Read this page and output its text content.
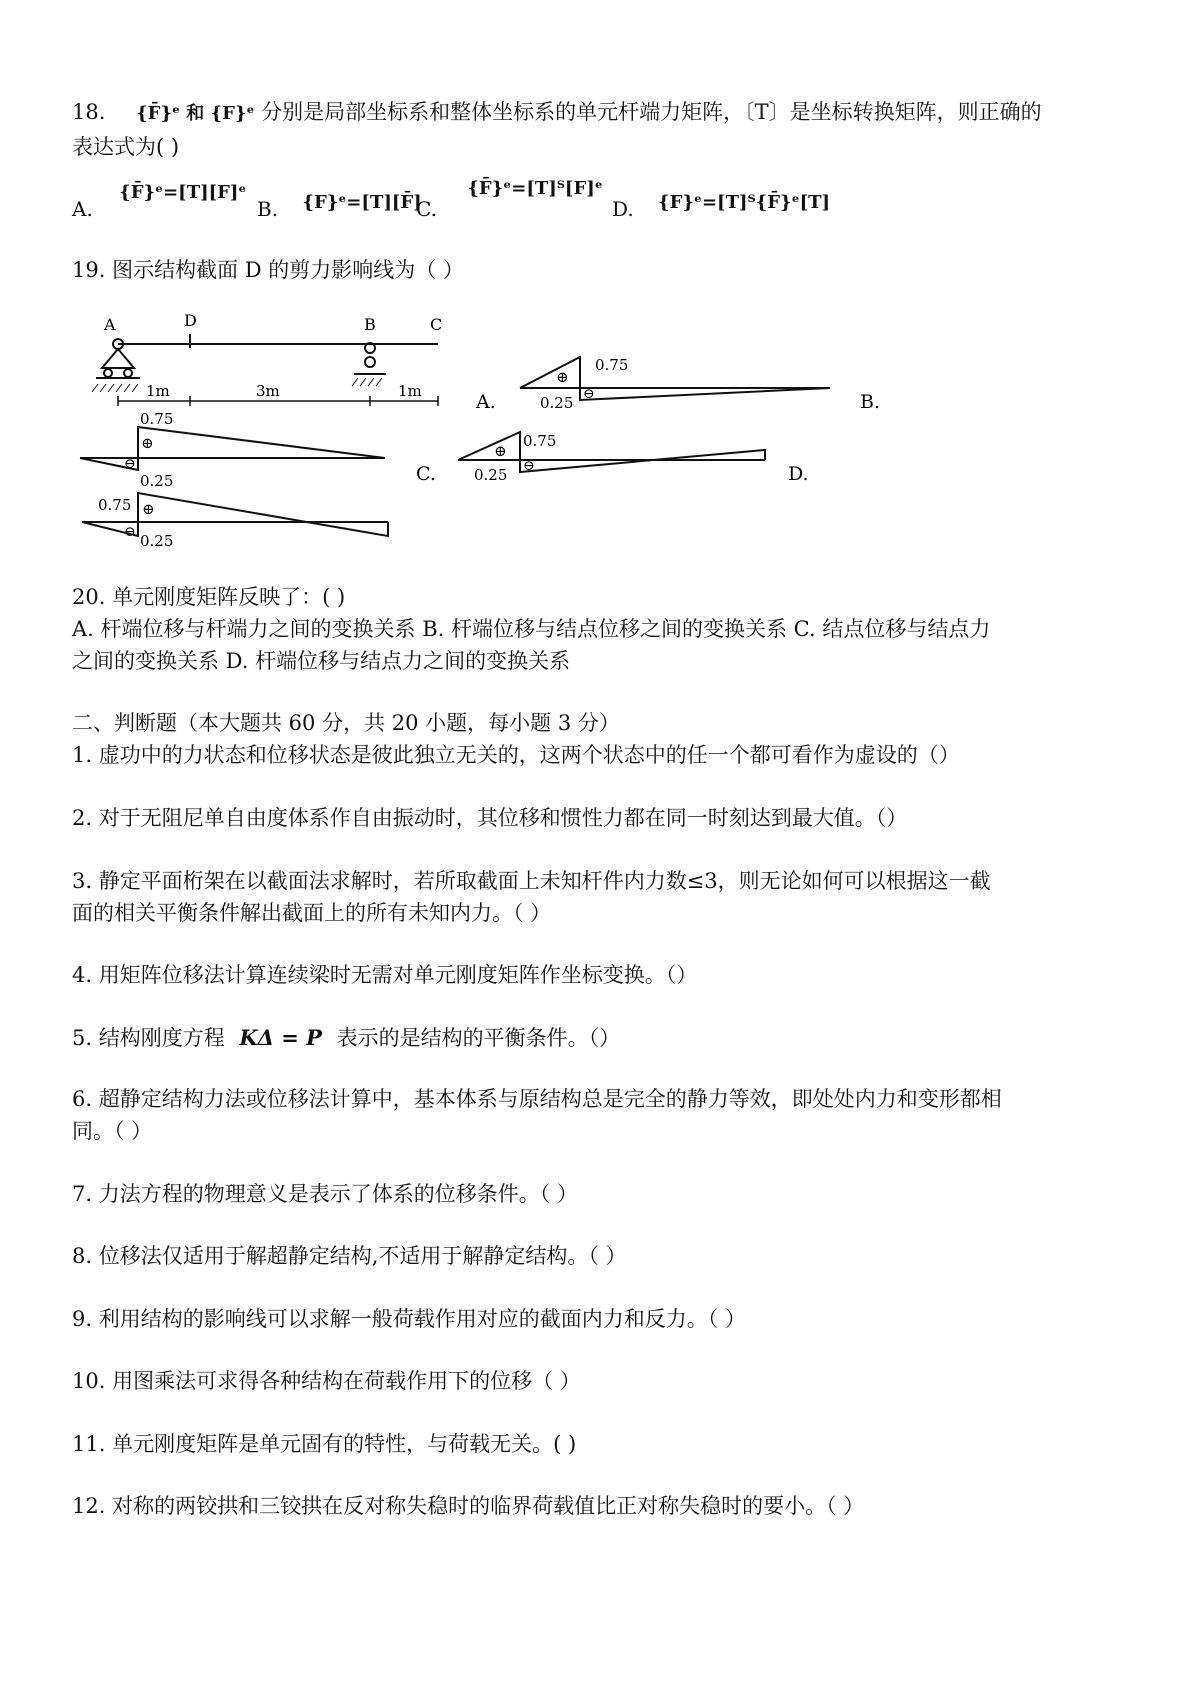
18. {F̄}ᵉ 和 {F}ᵉ 分别是局部坐标系和整体坐标系的单元杆端力矩阵，〔T〕是坐标转换矩阵，则正确的
表达式为( )
A. {F̄}ᵉ=[T][F]ᵉ
B. {F}ᵉ=[T][F̄]
C. {F̄}ᵉ=[T]ᵀ[F]ᵉ
D. {F}ᵉ=[T]ᵀ{F̄}ᵉ[T]
19. 图示结构截面 D 的剪力影响线为（ ）
A	D	B	C
1m	3m	1m
⊕
⊖
0.75
0.25
A.	B.
⊕
⊖
0.75
0.25	C.
⊕
⊖
0.75
0.25	D.
⊕
⊖
0.75
0.25
20. 单元刚度矩阵反映了：( )
A. 杆端位移与杆端力之间的变换关系 B. 杆端位移与结点位移之间的变换关系 C. 结点位移与结点力
之间的变换关系 D. 杆端位移与结点力之间的变换关系
二、判断题（本大题共 60 分，共 20 小题，每小题 3 分）
1. 虚功中的力状态和位移状态是彼此独立无关的，这两个状态中的任一个都可看作为虚设的（）
2. 对于无阻尼单自由度体系作自由振动时，其位移和惯性力都在同一时刻达到最大值。（）
3. 静定平面桁架在以截面法求解时，若所取截面上未知杆件内力数≤3，则无论如何可以根据这一截
面的相关平衡条件解出截面上的所有未知内力。（ ）
4. 用矩阵位移法计算连续梁时无需对单元刚度矩阵作坐标变换。（）
5. 结构刚度方程 KΔ = P 表示的是结构的平衡条件。（）
6. 超静定结构力法或位移法计算中，基本体系与原结构总是完全的静力等效，即处处内力和变形都相
同。（ ）
7. 力法方程的物理意义是表示了体系的位移条件。（ ）
8. 位移法仅适用于解超静定结构,不适用于解静定结构。（ ）
9. 利用结构的影响线可以求解一般荷载作用对应的截面内力和反力。（ ）
10. 用图乘法可求得各种结构在荷载作用下的位移（ ）
11. 单元刚度矩阵是单元固有的特性，与荷载无关。( )
12. 对称的两铰拱和三铰拱在反对称失稳时的临界荷载值比正对称失稳时的要小。（ ）
